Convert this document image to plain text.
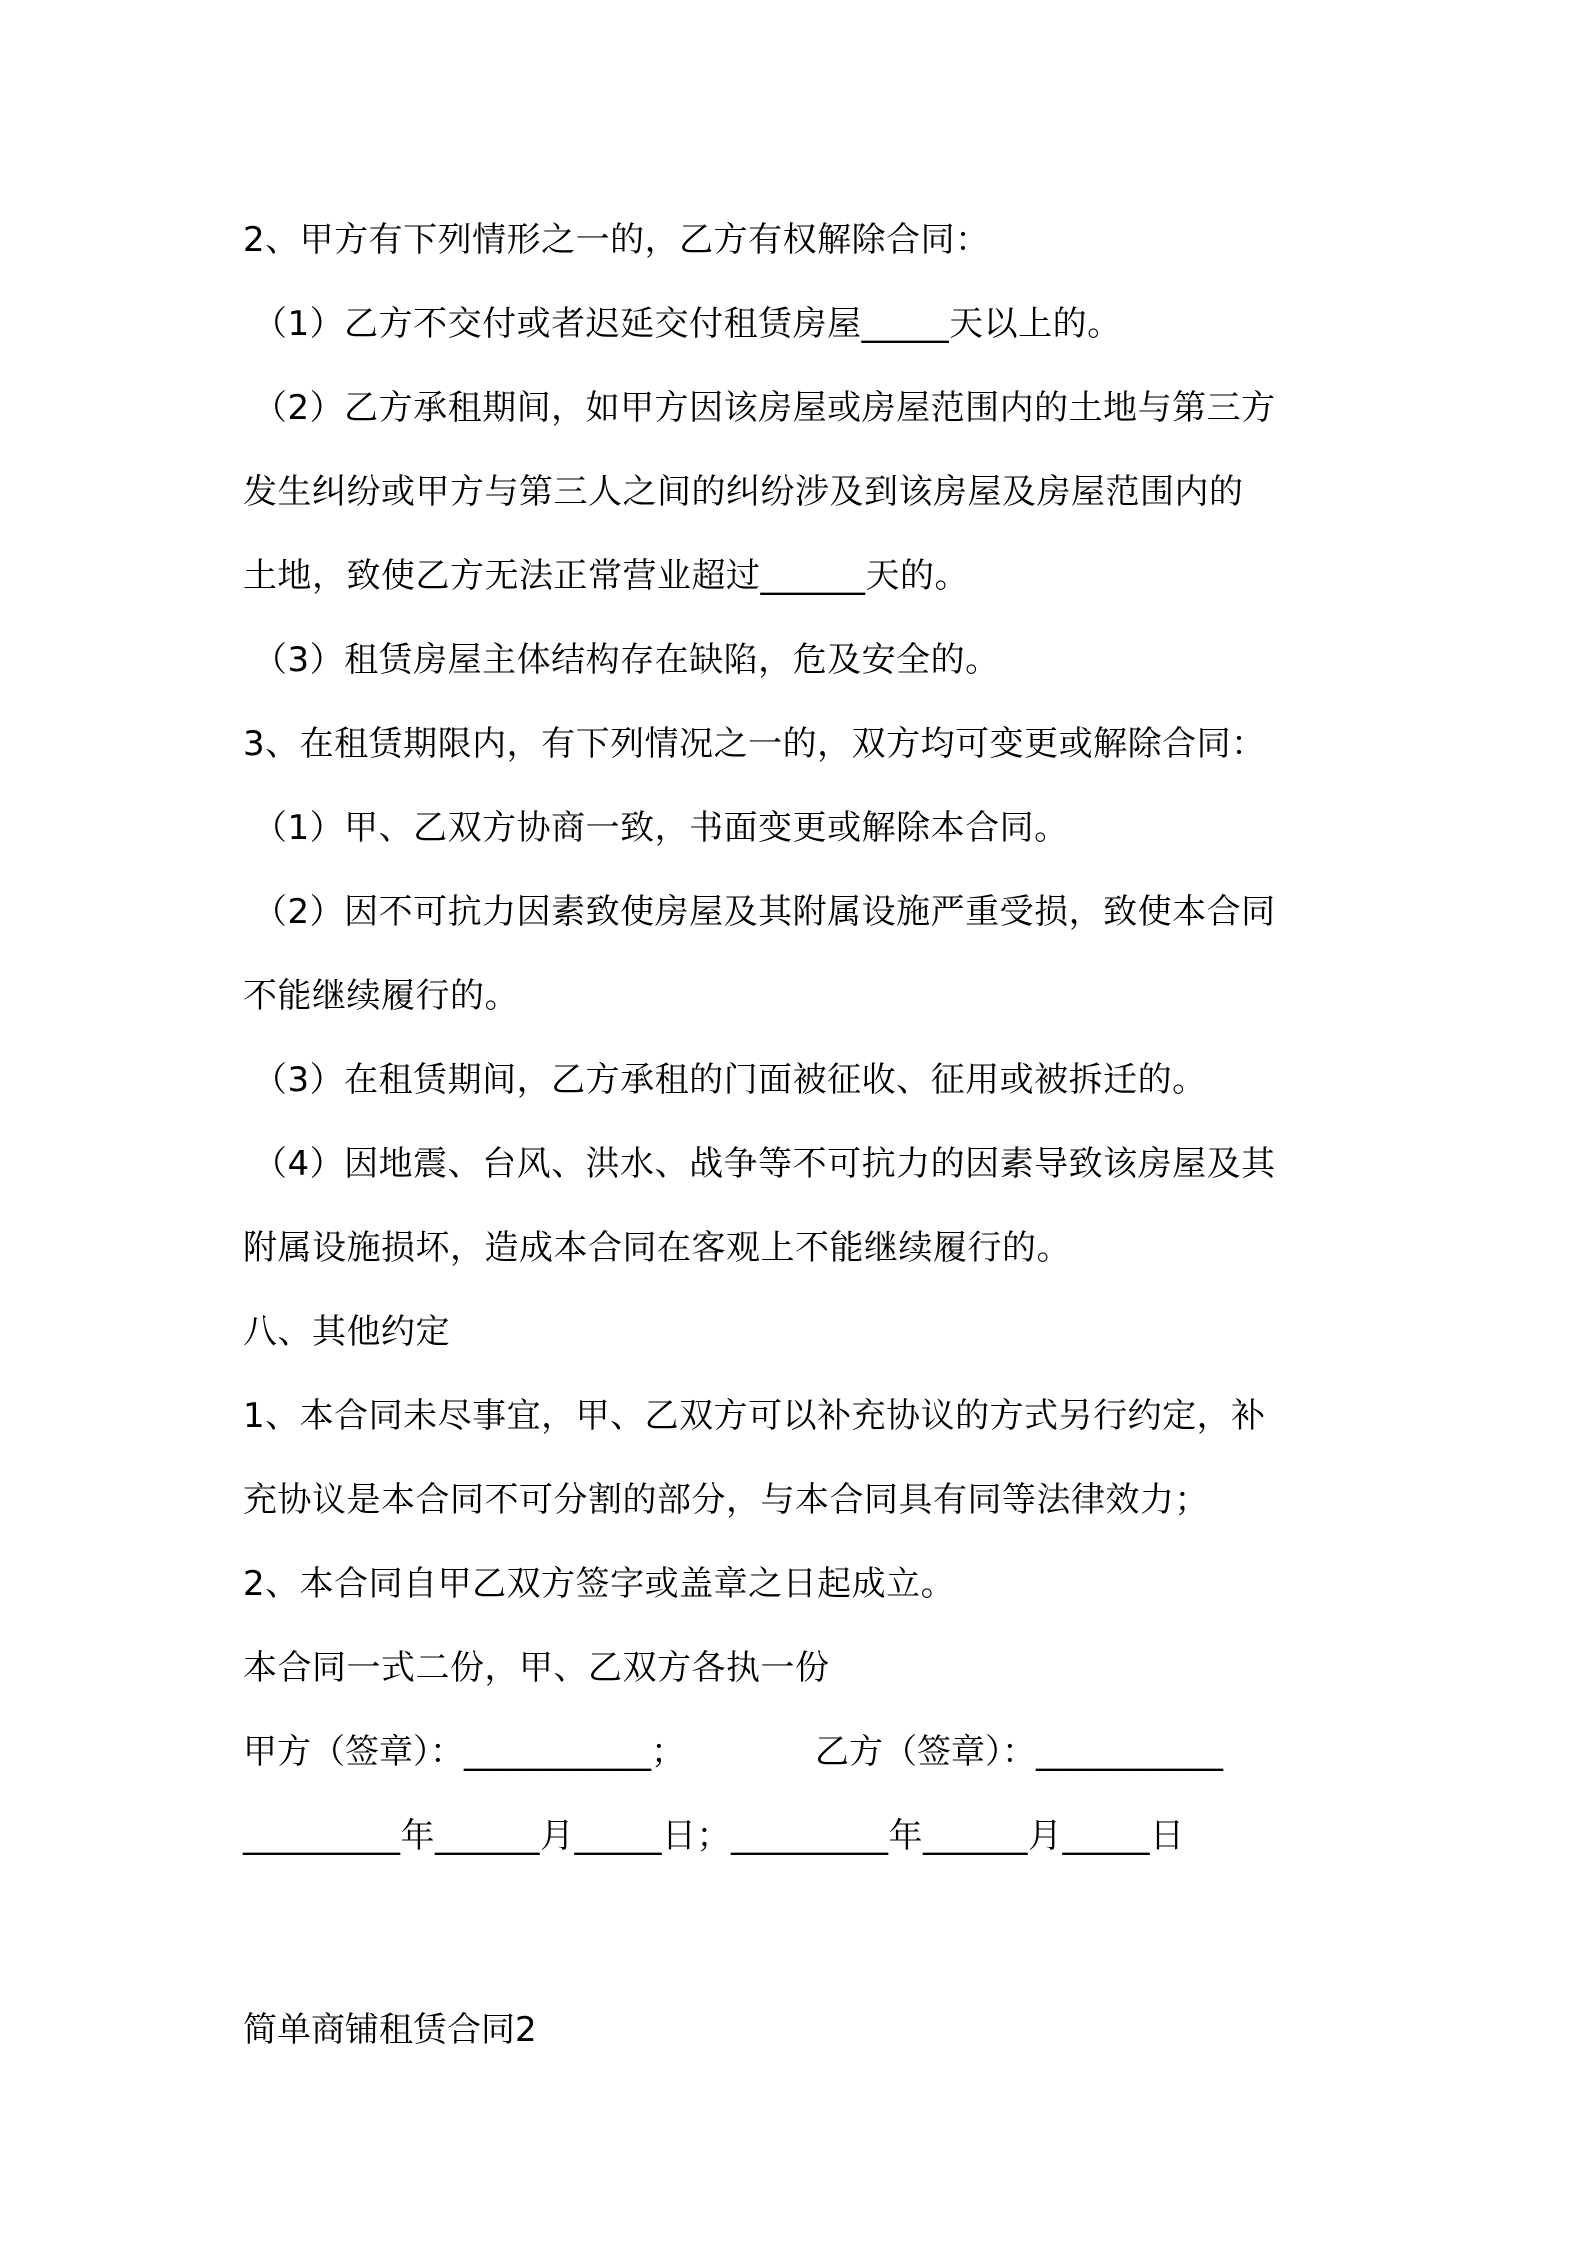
2、甲方有下列情形之一的，乙方有权解除合同：
（1）乙方不交付或者迟延交付租赁房屋_____天以上的。
（2）乙方承租期间，如甲方因该房屋或房屋范围内的土地与第三方
发生纠纷或甲方与第三人之间的纠纷涉及到该房屋及房屋范围内的
土地，致使乙方无法正常营业超过______天的。
（3）租赁房屋主体结构存在缺陷，危及安全的。
3、在租赁期限内，有下列情况之一的，双方均可变更或解除合同：
（1）甲、乙双方协商一致，书面变更或解除本合同。
（2）因不可抗力因素致使房屋及其附属设施严重受损，致使本合同
不能继续履行的。
（3）在租赁期间，乙方承租的门面被征收、征用或被拆迁的。
（4）因地震、台风、洪水、战争等不可抗力的因素导致该房屋及其
附属设施损坏，造成本合同在客观上不能继续履行的。
八、其他约定
1、本合同未尽事宜，甲、乙双方可以补充协议的方式另行约定，补
充协议是本合同不可分割的部分，与本合同具有同等法律效力；
2、本合同自甲乙双方签字或盖章之日起成立。
本合同一式二份，甲、乙双方各执一份
甲方（签章）：___________；	乙方（签章）：___________
_________年______月_____日；_________年______月_____日
简单商铺租赁合同2
